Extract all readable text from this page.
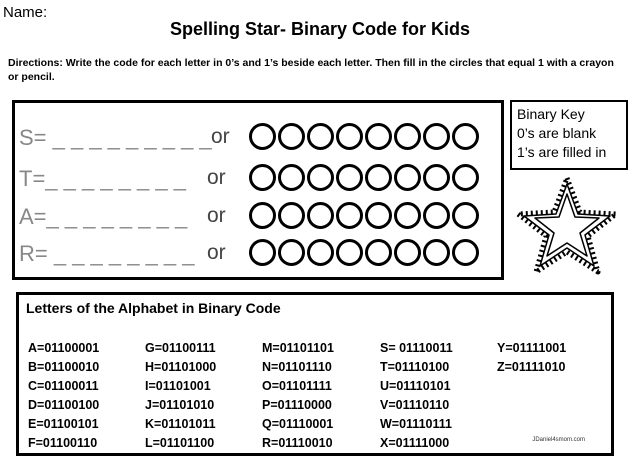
Name:
Spelling Star- Binary Code for Kids
Directions: Write the code for each letter in 0’s and 1’s beside each letter. Then fill in the circles that equal 1 with a crayon or pencil.
S= _ _ _ _ _ _ _ _ _ or
T=_ _ _ _ _ _ _ _ or
A=_ _ _ _ _ _ _ _ or
R= _ _ _ _ _ _ _ _ or
Binary Key
0’s are blank
1’s are filled in
Letters of the Alphabet in Binary Code
A=01100001
B=01100010
C=01100011
D=01100100
E=01100101
F=01100110
G=01100111
H=01101000
I=01101001
J=01101010
K=01101011
L=01101100
M=01101101
N=01101110
O=01101111
P=01110000
Q=01110001
R=01110010
S= 01110011
T=01110100
U=01110101
V=01110110
W=01110111
X=01111000
Y=01111001
Z=01111010
JDaniel4smom.com
